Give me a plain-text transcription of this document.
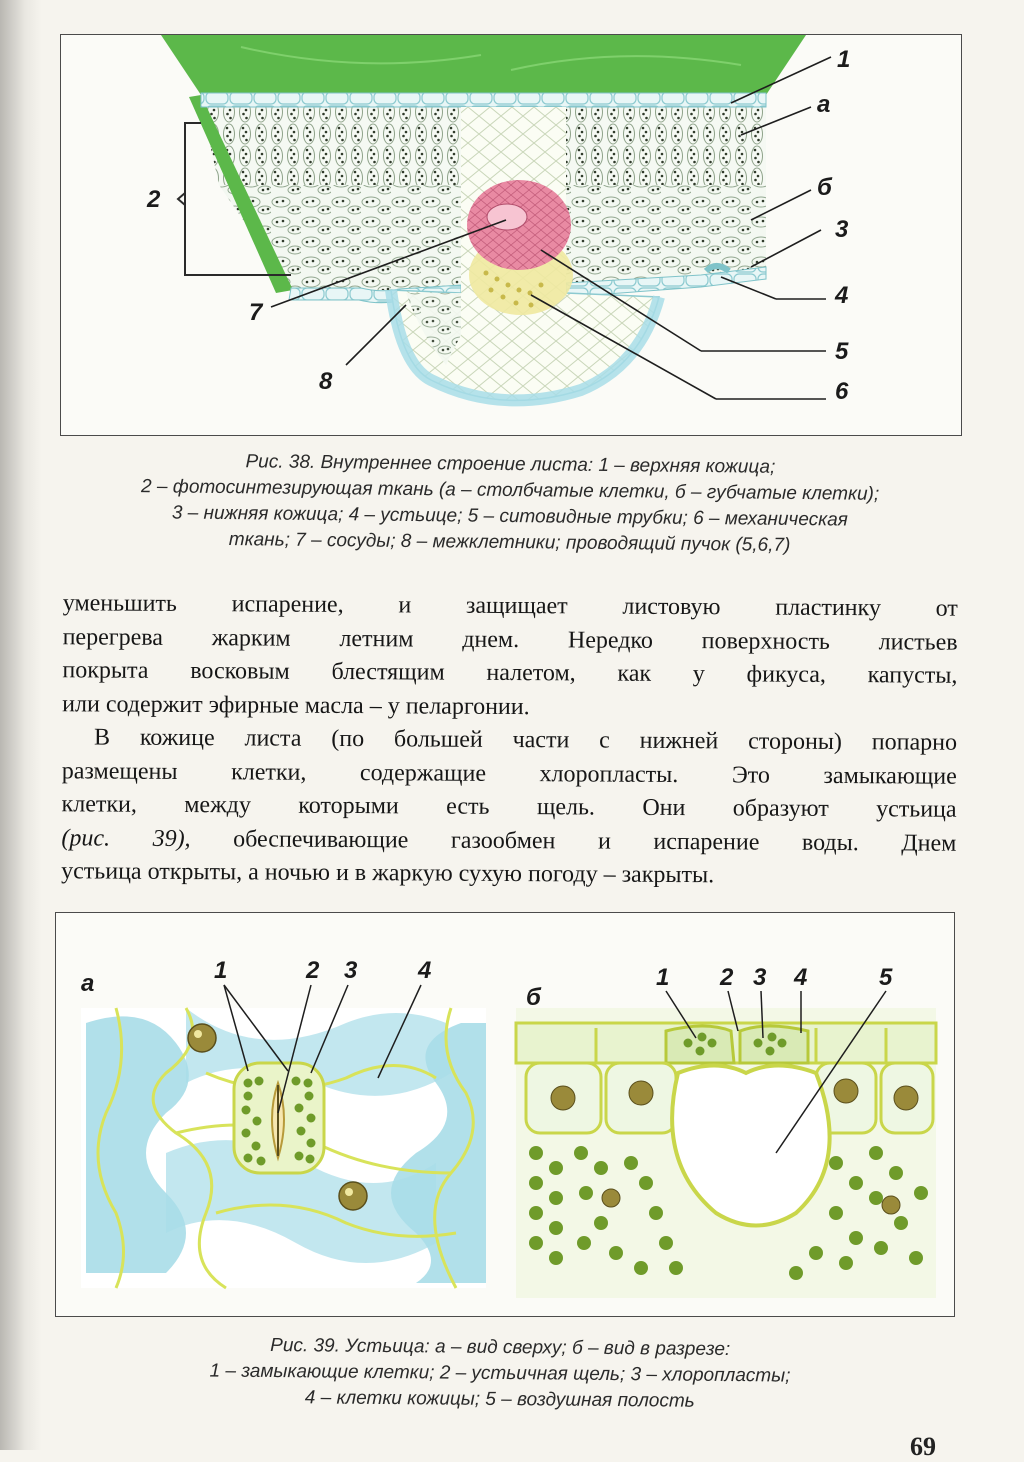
1
а
2	б
3
4
7
5
8	6
Рис. 38. Внутреннее строение листа: 1 – верхняя кожица;
2 – фотосинтезирующая ткань (а – столбчатые клетки, б – губчатые клетки);
3 – нижняя кожица; 4 – устьице; 5 – ситовидные трубки; 6 – механическая
ткань; 7 – сосуды; 8 – межклетники; проводящий пучок (5,6,7)
уменьшить испарение, и защищает листовую пластинку от
перегрева жарким летним днем. Нередко поверхность листьев
покрыта восковым блестящим налетом, как у фикуса, капусты,
или содержит эфирные масла – у пеларгонии.
В кожице листа (по большей части с нижней стороны) попарно
размещены клетки, содержащие хлоропласты. Это замыкающие
клетки, между которыми есть щель. Они образуют устьица
(рис. 39), обеспечивающие газообмен и испарение воды. Днем
устьица открыты, а ночью и в жаркую сухую погоду – закрыты.
а	1	2 3	4
б
1 2 3 4	5
Рис. 39. Устьица: а – вид сверху; б – вид в разрезе:
1 – замыкающие клетки; 2 – устьичная щель; 3 – хлоропласты;
4 – клетки кожицы; 5 – воздушная полость
69
